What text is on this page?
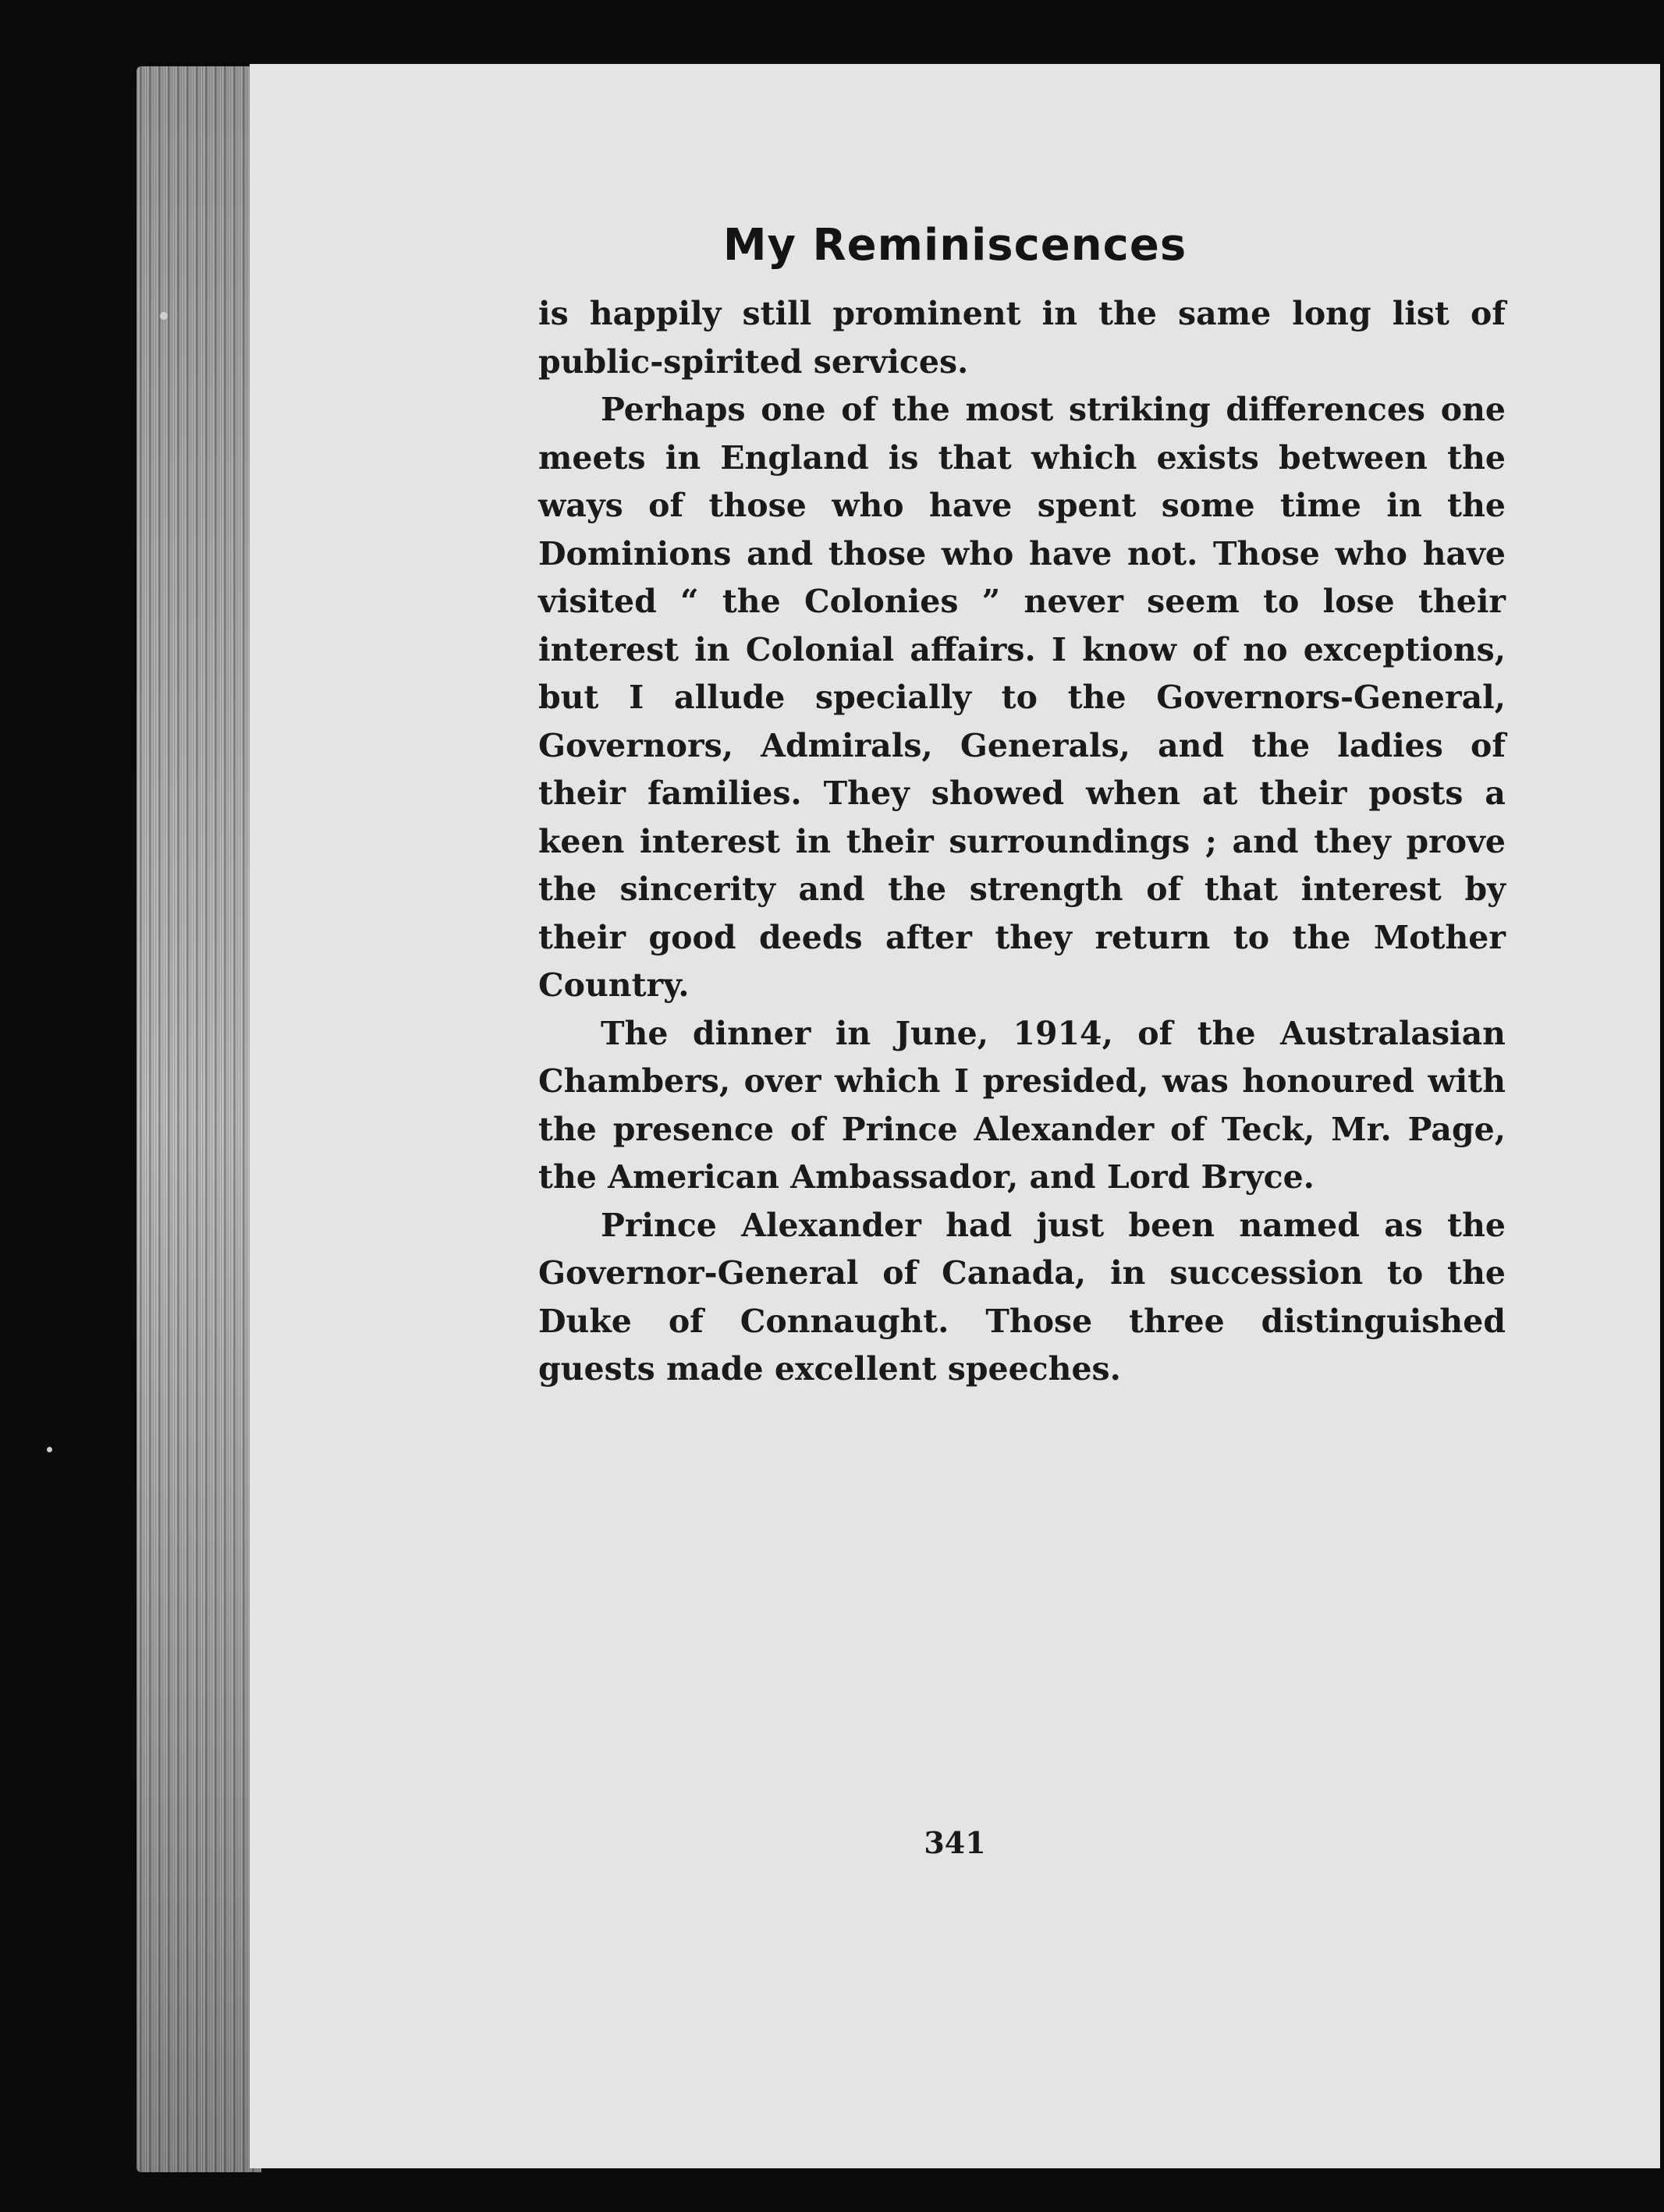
My Reminiscences

is happily still prominent in the same long list of public-spirited services.

Perhaps one of the most striking differences one meets in England is that which exists between the ways of those who have spent some time in the Dominions and those who have not. Those who have visited “ the Colonies ” never seem to lose their interest in Colonial affairs. I know of no exceptions, but I allude specially to the Governors-General, Governors, Admirals, Generals, and the ladies of their families. They showed when at their posts a keen interest in their surroundings ; and they prove the sincerity and the strength of that interest by their good deeds after they return to the Mother Country.

The dinner in June, 1914, of the Australasian Chambers, over which I presided, was honoured with the presence of Prince Alexander of Teck, Mr. Page, the American Ambassador, and Lord Bryce.

Prince Alexander had just been named as the Governor-General of Canada, in succession to the Duke of Connaught. Those three distinguished guests made excellent speeches.

341
